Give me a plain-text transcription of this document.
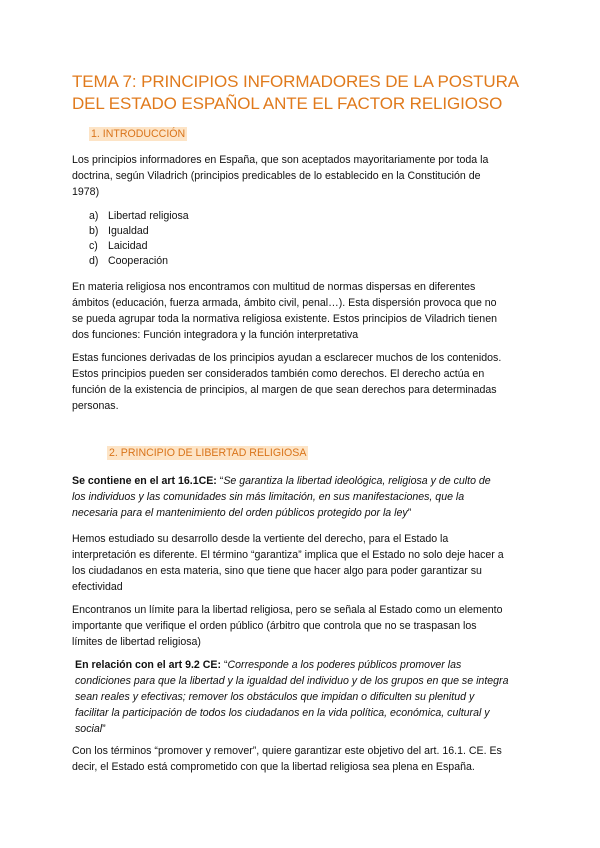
TEMA 7: PRINCIPIOS INFORMADORES DE LA POSTURA
DEL ESTADO ESPAÑOL ANTE EL FACTOR RELIGIOSO
1. INTRODUCCIÓN

Los principios informadores en España, que son aceptados mayoritariamente por toda la
doctrina, según Viladrich (principios predicables de lo establecido en la Constitución de
1978)

a) Libertad religiosa
b) Igualdad
c) Laicidad
d) Cooperación

En materia religiosa nos encontramos con multitud de normas dispersas en diferentes
ámbitos (educación, fuerza armada, ámbito civil, penal…). Esta dispersión provoca que no
se pueda agrupar toda la normativa religiosa existente. Estos principios de Viladrich tienen
dos funciones: Función integradora y la función interpretativa

Estas funciones derivadas de los principios ayudan a esclarecer muchos de los contenidos.
Estos principios pueden ser considerados también como derechos. El derecho actúa en
función de la existencia de principios, al margen de que sean derechos para determinadas
personas.

2. PRINCIPIO DE LIBERTAD RELIGIOSA

Se contiene en el art 16.1CE: “Se garantiza la libertad ideológica, religiosa y de culto de
los individuos y las comunidades sin más limitación, en sus manifestaciones, que la
necesaria para el mantenimiento del orden públicos protegido por la ley”

Hemos estudiado su desarrollo desde la vertiente del derecho, para el Estado la
interpretación es diferente. El término “garantiza” implica que el Estado no solo deje hacer a
los ciudadanos en esta materia, sino que tiene que hacer algo para poder garantizar su
efectividad

Encontranos un límite para la libertad religiosa, pero se señala al Estado como un elemento
importante que verifique el orden público (árbitro que controla que no se traspasan los
límites de libertad religiosa)

En relación con el art 9.2 CE: “Corresponde a los poderes públicos promover las
condiciones para que la libertad y la igualdad del individuo y de los grupos en que se integra
sean reales y efectivas; remover los obstáculos que impidan o dificulten su plenitud y
facilitar la participación de todos los ciudadanos en la vida política, económica, cultural y
social”

Con los términos “promover y remover”, quiere garantizar este objetivo del art. 16.1. CE. Es
decir, el Estado está comprometido con que la libertad religiosa sea plena en España.
